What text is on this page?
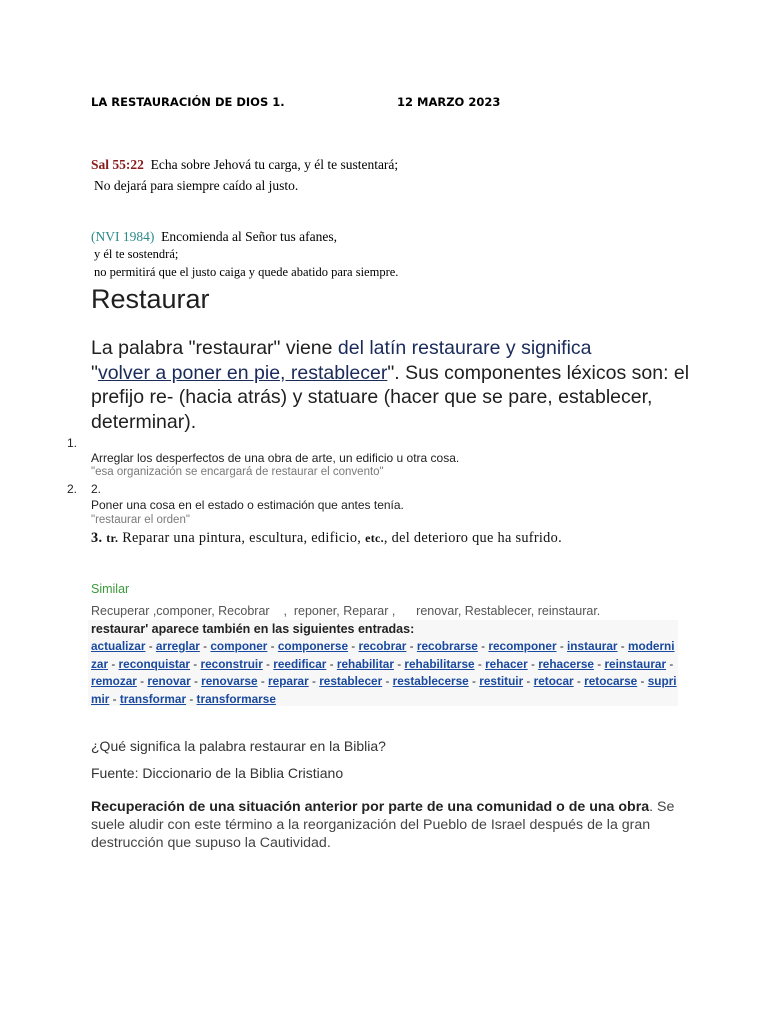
LA RESTAURACIÓN DE DIOS 1.	12 MARZO 2023
Sal 55:22 Echa sobre Jehová tu carga, y él te sustentará;
No dejará para siempre caído al justo.
(NVI 1984) Encomienda al Señor tus afanes,
y él te sostendrá;
no permitirá que el justo caiga y quede abatido para siempre.
Restaurar
La palabra "restaurar" viene del latín restaurare y significa
"volver a poner en pie, restablecer". Sus componentes léxicos son: el prefijo re- (hacia atrás) y statuare (hacer que se pare, establecer, determinar).
1.
Arreglar los desperfectos de una obra de arte, un edificio u otra cosa.
"esa organización se encargará de restaurar el convento"
2. 2.
Poner una cosa en el estado o estimación que antes tenía.
"restaurar el orden"
3. tr. Reparar una pintura, escultura, edificio, etc., del deterioro que ha sufrido.
Similar
Recuperar ,componer, Recobrar    ,  reponer, Reparar ,      renovar, Restablecer, reinstaurar.
restaurar' aparece también en las siguientes entradas:
actualizar - arreglar - componer - componerse - recobrar - recobrarse - recomponer - instaurar - modernizar - reconquistar - reconstruir - reedificar - rehabilitar - rehabilitarse - rehacer - rehacerse - reinstaurar - remozar - renovar - renovarse - reparar - restablecer - restablecerse - restituir - retocar - retocarse - suprimir - transformar - transformarse
¿Qué significa la palabra restaurar en la Biblia?
Fuente: Diccionario de la Biblia Cristiano
Recuperación de una situación anterior por parte de una comunidad o de una obra. Se suele aludir con este término a la reorganización del Pueblo de Israel después de la gran destrucción que supuso la Cautividad.
